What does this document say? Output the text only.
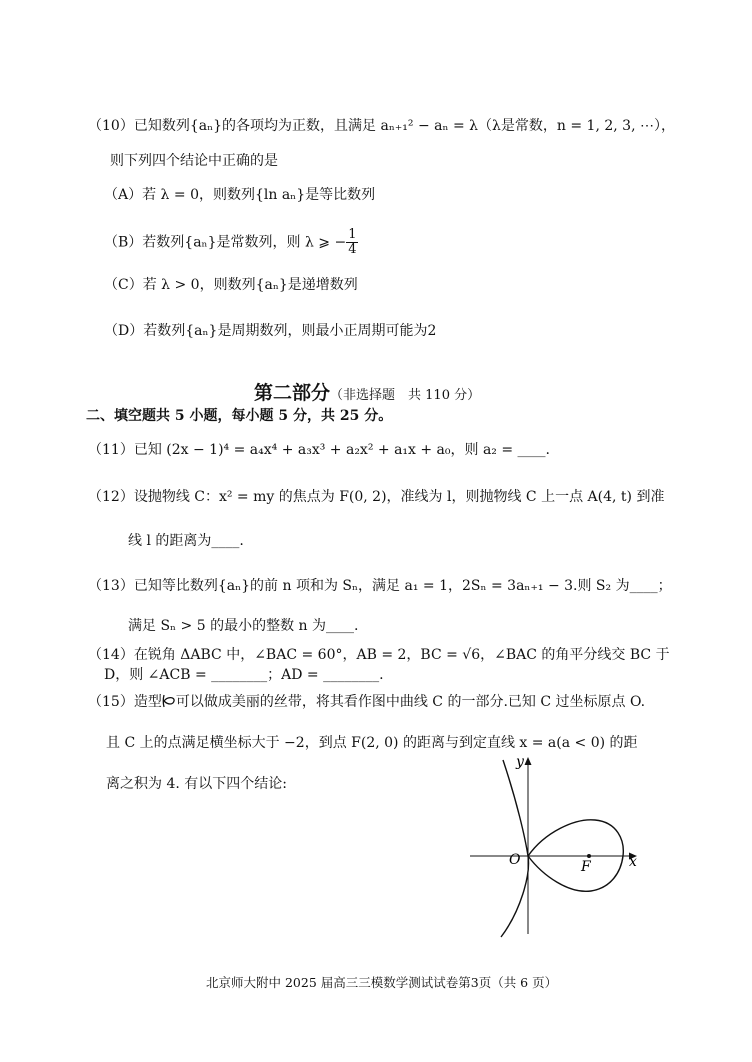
（10）已知数列{aₙ}的各项均为正数，且满足 aₙ₊₁² − aₙ = λ（λ是常数，n = 1, 2, 3, ⋯），
则下列四个结论中正确的是
（A）若 λ = 0，则数列{ln aₙ}是等比数列
（B）若数列{aₙ}是常数列，则 λ ⩾ − $\frac{1}{4}$
（C）若 λ > 0，则数列{aₙ}是递增数列
（D）若数列{aₙ}是周期数列，则最小正周期可能为2
第二部分（非选择题　共 110 分）
二、填空题共 5 小题，每小题 5 分，共 25 分。
（11）已知 (2x − 1)⁴ = a₄x⁴ + a₃x³ + a₂x² + a₁x + a₀，则 a₂ = ____.
（12）设抛物线 C：x² = my 的焦点为 F(0, 2)，准线为 l，则抛物线 C 上一点 A(4, t) 到准
线 l 的距离为____.
（13）已知等比数列{aₙ}的前 n 项和为 Sₙ，满足 a₁ = 1，2Sₙ = 3aₙ₊₁ − 3.则 S₂ 为____；
满足 Sₙ > 5 的最小的整数 n 为____.
（14）在锐角 ΔABC 中，∠BAC = 60°，AB = 2，BC = √6，∠BAC 的角平分线交 BC 于
D，则 ∠ACB = ________；AD = ________.
（15）造型 可以做成美丽的丝带，将其看作图中曲线 C 的一部分.已知 C 过坐标原点 O.
且 C 上的点满足横坐标大于 −2，到点 F(2, 0) 的距离与到定直线 x = a(a < 0) 的距
离之积为 4. 有以下四个结论:
y
x
O	F
北京师大附中 2025 届高三三模数学测试试卷第3页（共 6 页）
